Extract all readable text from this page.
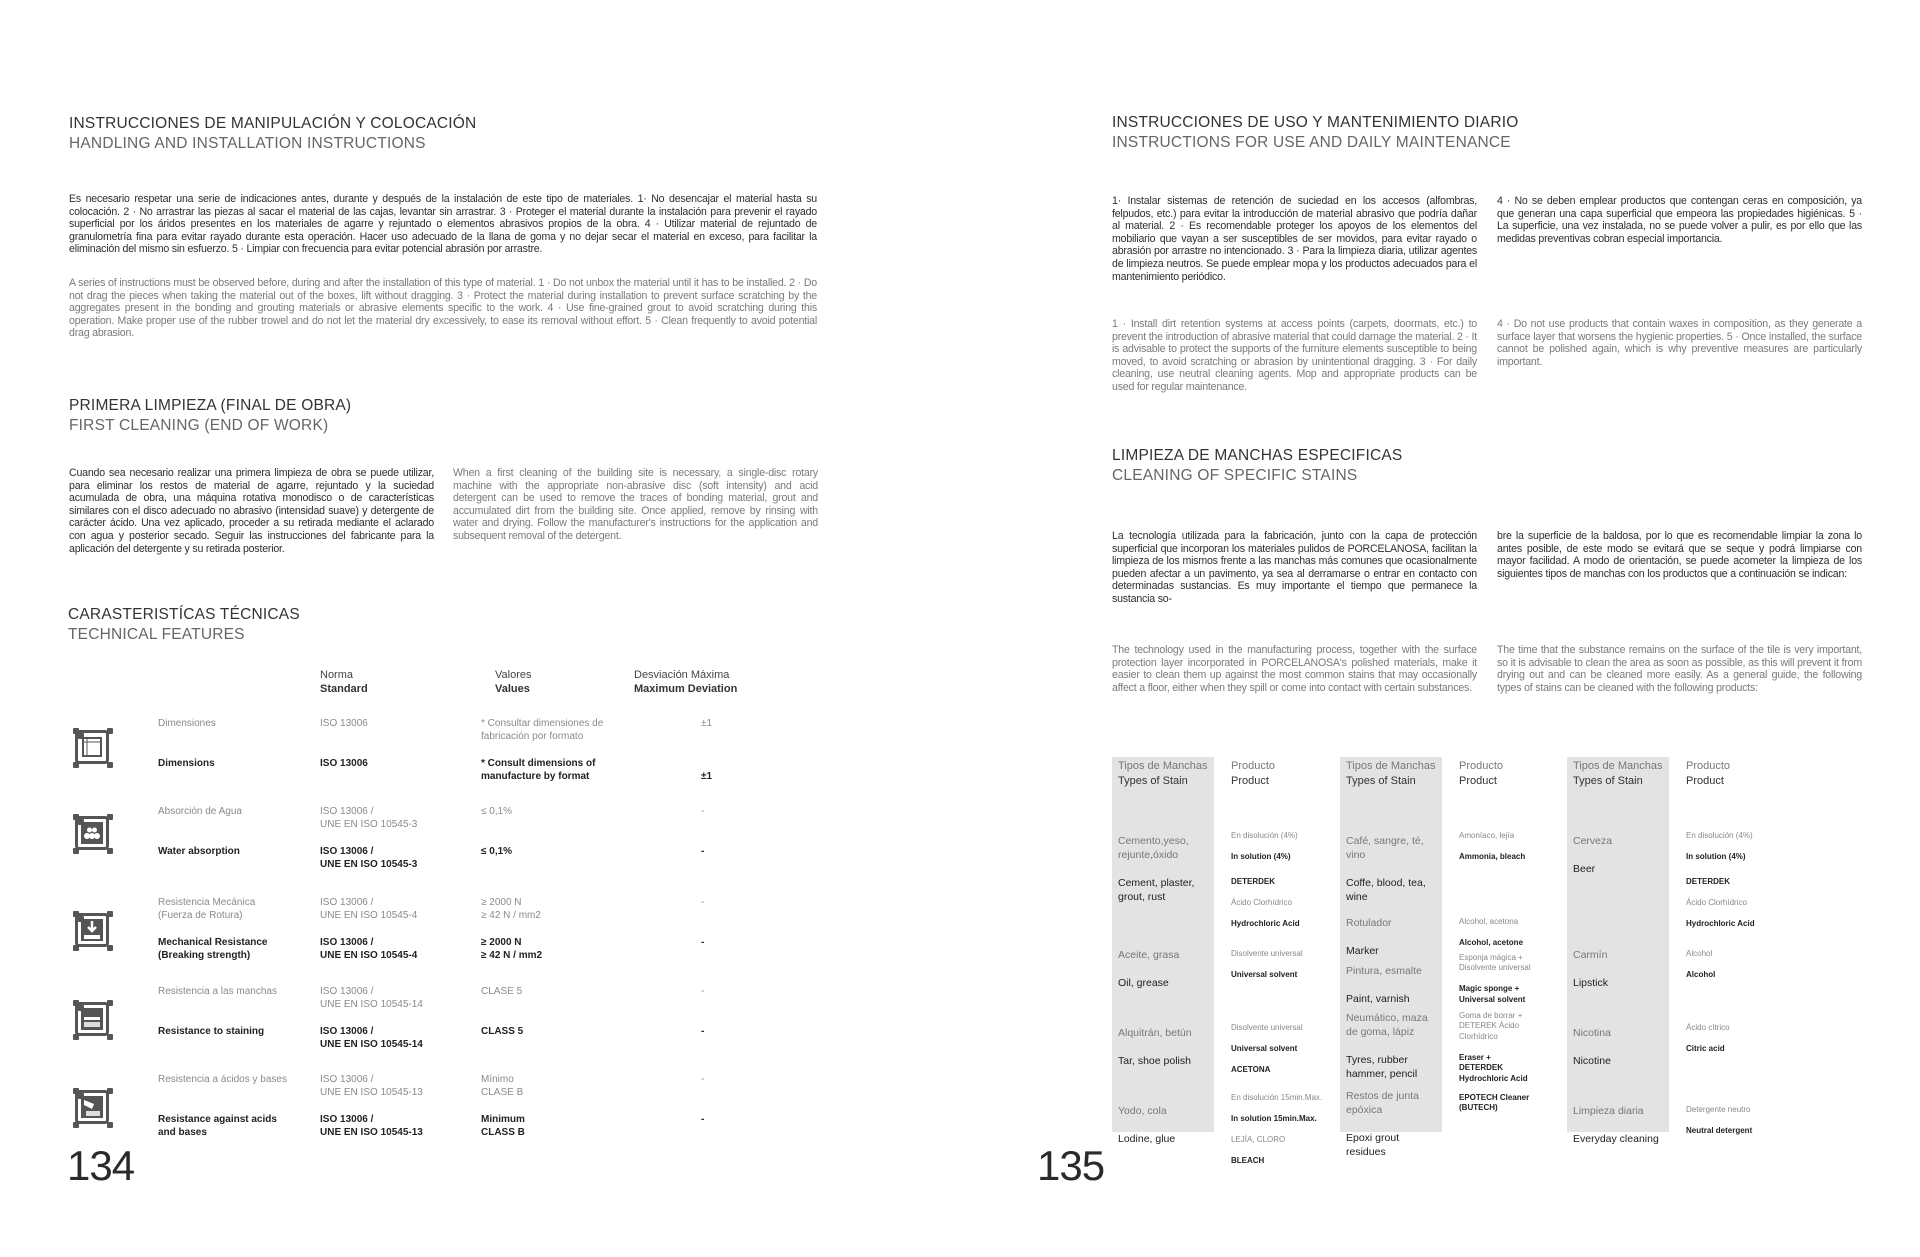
INSTRUCCIONES DE MANIPULACIÓN Y COLOCACIÓN
HANDLING AND INSTALLATION INSTRUCTIONS

Es necesario respetar una serie de indicaciones antes, durante y después de la instalación de este tipo de materiales. 1· No desencajar el material hasta su colocación. 2 · No arrastrar las piezas al sacar el material de las cajas, levantar sin arrastrar. 3 · Proteger el material durante la instalación para prevenir el rayado superficial por los áridos presentes en los materiales de agarre y rejuntado o elementos abrasivos propios de la obra. 4 · Utilizar material de rejuntado de granulometría fina para evitar rayado durante esta operación. Hacer uso adecuado de la llana de goma y no dejar secar el material en exceso, para facilitar la eliminación del mismo sin esfuerzo. 5 · Limpiar con frecuencia para evitar potencial abrasión por arrastre.

A series of instructions must be observed before, during and after the installation of this type of material. 1 · Do not unbox the material until it has to be installed. 2 · Do not drag the pieces when taking the material out of the boxes, lift without dragging. 3 · Protect the material during installation to prevent surface scratching by the aggregates present in the bonding and grouting materials or abrasive elements specific to the work. 4 · Use fine-grained grout to avoid scratching during this operation. Make proper use of the rubber trowel and do not let the material dry excessively, to ease its removal without effort. 5 · Clean frequently to avoid potential drag abrasion.

PRIMERA LIMPIEZA (FINAL DE OBRA)
FIRST CLEANING (END OF WORK)

Cuando sea necesario realizar una primera limpieza de obra se puede utilizar, para eliminar los restos de material de agarre, rejuntado y la suciedad acumulada de obra, una máquina rotativa monodisco o de características similares con el disco adecuado no abrasivo (intensidad suave) y detergente de carácter ácido. Una vez aplicado, proceder a su retirada mediante el aclarado con agua y posterior secado. Seguir las instrucciones del fabricante para la aplicación del detergente y su retirada posterior.

When a first cleaning of the building site is necessary, a single-disc rotary machine with the appropriate non-abrasive disc (soft intensity) and acid detergent can be used to remove the traces of bonding material, grout and accumulated dirt from the building site. Once applied, remove by rinsing with water and drying. Follow the manufacturer's instructions for the application and subsequent removal of the detergent.

CARASTERISTÍCAS TÉCNICAS
TECHNICAL FEATURES
Norma
Standard
Valores
Values
Desviación Máxima
Maximum Deviation
Dimensiones
Dimensions
ISO 13006
ISO 13006
* Consultar dimensiones de
fabricación por formato
* Consult dimensions of
manufacture by format
±1
±1
Absorción de Agua
Water absorption
ISO 13006 /
UNE EN ISO 10545-3
ISO 13006 /
UNE EN ISO 10545-3
≤ 0,1%
≤ 0,1%
-
-
Resistencia Mecánica
(Fuerza de Rotura)
Mechanical Resistance
(Breaking strength)
ISO 13006 /
UNE EN ISO 10545-4
ISO 13006 /
UNE EN ISO 10545-4
≥ 2000 N
≥ 42 N / mm2
≥ 2000 N
≥ 42 N / mm2
-
-
Resistencia a las manchas
Resistance to staining
ISO 13006 /
UNE EN ISO 10545-14
ISO 13006 /
UNE EN ISO 10545-14
CLASE 5
CLASS 5
-
-
Resistencia a ácidos y bases
Resistance against acids
and bases
ISO 13006 /
UNE EN ISO 10545-13
ISO 13006 /
UNE EN ISO 10545-13
Mínimo
CLASE B
Minimum
CLASS B
-
-
134
INSTRUCCIONES DE USO Y MANTENIMIENTO DIARIO
INSTRUCTIONS FOR USE AND DAILY MAINTENANCE

1· Instalar sistemas de retención de suciedad en los accesos (alfombras, felpudos, etc.) para evitar la introducción de material abrasivo que podría dañar al material. 2 · Es recomendable proteger los apoyos de los elementos del mobiliario que vayan a ser susceptibles de ser movidos, para evitar rayado o abrasión por arrastre no intencionado. 3 · Para la limpieza diaria, utilizar agentes de limpieza neutros. Se puede emplear mopa y los productos adecuados para el mantenimiento periódico.

4 · No se deben emplear productos que contengan ceras en composición, ya que generan una capa superficial que empeora las propiedades higiénicas. 5 · La superficie, una vez instalada, no se puede volver a pulir, es por ello que las medidas preventivas cobran especial importancia.

1 · Install dirt retention systems at access points (carpets, doormats, etc.) to prevent the introduction of abrasive material that could damage the material. 2 · It is advisable to protect the supports of the furniture elements susceptible to being moved, to avoid scratching or abrasion by unintentional dragging. 3 · For daily cleaning, use neutral cleaning agents. Mop and appropriate products can be used for regular maintenance.

4 · Do not use products that contain waxes in composition, as they generate a surface layer that worsens the hygienic properties. 5 · Once installed, the surface cannot be polished again, which is why preventive measures are particularly important.

LIMPIEZA DE MANCHAS ESPECIFICAS
CLEANING OF SPECIFIC STAINS

La tecnología utilizada para la fabricación, junto con la capa de protección superficial que incorporan los materiales pulidos de PORCELANOSA, facilitan la limpieza de los mismos frente a las manchas más comunes que ocasionalmente pueden afectar a un pavimento, ya sea al derramarse o entrar en contacto con determinadas sustancias. Es muy importante el tiempo que permanece la sustancia so-

bre la superficie de la baldosa, por lo que es recomendable limpiar la zona lo antes posible, de este modo se evitará que se seque y podrá limpiarse con mayor facilidad. A modo de orientación, se puede acometer la limpieza de los siguientes tipos de manchas con los productos que a continuación se indican:

The technology used in the manufacturing process, together with the surface protection layer incorporated in PORCELANOSA's polished materials, make it easier to clean them up against the most common stains that may occasionally affect a floor, either when they spill or come into contact with certain substances.

The time that the substance remains on the surface of the tile is very important, so it is advisable to clean the area as soon as possible, as this will prevent it from drying out and can be cleaned more easily. As a general guide, the following types of stains can be cleaned with the following products:

Tipos de Manchas
Types of Stain
Producto
Product
Tipos de Manchas
Types of Stain
Producto
Product
Tipos de Manchas
Types of Stain
Producto
Product

Cemento,yeso,
rejunte,óxido

Cement, plaster,
grout, rust

En disolución (4%)

In solution (4%)

DETERDEK

Ácido Clorhídrico

Hydrochloric Acid

Aceite, grasa

Oil, grease

Disolvente universal

Universal solvent

Alquitrán, betún

Tar, shoe polish

Disolvente universal

Universal solvent

ACETONA

Yodo, cola

Lodine, glue

En disolución 15min.Max.

In solution 15min.Max.

LEJÍA, CLORO

BLEACH

Café, sangre, té,
vino

Coffe, blood, tea,
wine

Amoníaco, lejía

Ammonia, bleach

Rotulador

Marker

Alcohol, acetona

Alcohol, acetone

Pintura, esmalte

Paint, varnish

Esponja mágica +
Disolvente universal

Magic sponge +
Universal solvent

Neumático, maza
de goma, lápiz

Tyres, rubber
hammer, pencil

Goma de borrar +
DETEREK Ácido
Clorhídrico

Eraser +
DETERDEK
Hydrochloric Acid

Restos de junta
epóxica

Epoxi grout
residues

EPOTECH Cleaner
(BUTECH)

Cerveza

Beer

En disolución (4%)

In solution (4%)

DETERDEK

Ácido Clorhídrico

Hydrochloric Acid

Carmín

Lipstick

Alcohol

Alcohol

Nicotina

Nicotine

Ácido cítrico

Citric acid

Limpieza diaria

Everyday cleaning

Detergente neutro

Neutral detergent

135
